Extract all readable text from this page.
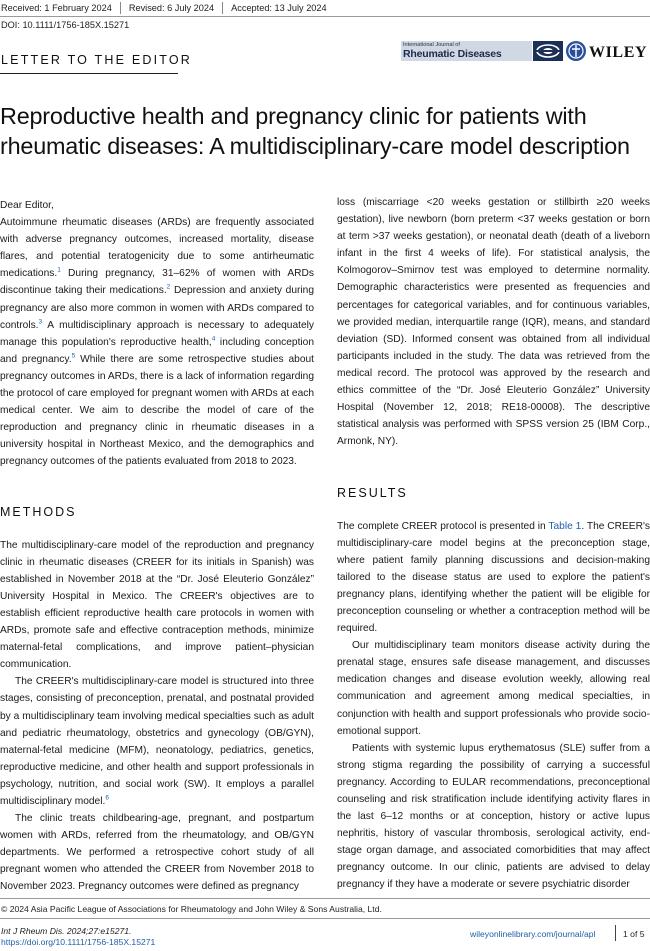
Received: 1 February 2024	Revised: 6 July 2024	Accepted: 13 July 2024
DOI: 10.1111/1756-185X.15271
LETTER TO THE EDITOR
International Journal of
Rheumatic Diseases	WILEY
Reproductive health and pregnancy clinic for patients with rheumatic diseases: A multidisciplinary-care model description

Dear Editor,

Autoimmune rheumatic diseases (ARDs) are frequently associated with adverse pregnancy outcomes, increased mortality, disease flares, and potential teratogenicity due to some antirheumatic medications.$^1$ During pregnancy, 31–62% of women with ARDs discontinue taking their medications.$^2$ Depression and anxiety during pregnancy are also more common in women with ARDs compared to controls.$^3$ A multidisciplinary approach is necessary to adequately manage this population's reproductive health,$^4$ including conception and pregnancy.$^5$ While there are some retrospective studies about pregnancy outcomes in ARDs, there is a lack of information regarding the protocol of care employed for pregnant women with ARDs at each medical center. We aim to describe the model of care of the reproduction and pregnancy clinic in rheumatic diseases in a university hospital in Northeast Mexico, and the demographics and pregnancy outcomes of the patients evaluated from 2018 to 2023.

METHODS

The multidisciplinary-care model of the reproduction and pregnancy clinic in rheumatic diseases (CREER for its initials in Spanish) was established in November 2018 at the “Dr. José Eleuterio González” University Hospital in Mexico. The CREER's objectives are to establish efficient reproductive health care protocols in women with ARDs, promote safe and effective contraception methods, minimize maternal-fetal complications, and improve patient–physician communication.

The CREER's multidisciplinary-care model is structured into three stages, consisting of preconception, prenatal, and postnatal provided by a multidisciplinary team involving medical specialties such as adult and pediatric rheumatology, obstetrics and gynecology (OB/GYN), maternal-fetal medicine (MFM), neonatology, pediatrics, genetics, reproductive medicine, and other health and support professionals in psychology, nutrition, and social work (SW). It employs a parallel multidisciplinary model.$^6$

The clinic treats childbearing-age, pregnant, and postpartum women with ARDs, referred from the rheumatology, and OB/GYN departments. We performed a retrospective cohort study of all pregnant women who attended the CREER from November 2018 to November 2023. Pregnancy outcomes were defined as pregnancy

loss (miscarriage <20 weeks gestation or stillbirth ≥20 weeks gestation), live newborn (born preterm <37 weeks gestation or born at term >37 weeks gestation), or neonatal death (death of a liveborn infant in the first 4 weeks of life). For statistical analysis, the Kolmogorov–Smirnov test was employed to determine normality. Demographic characteristics were presented as frequencies and percentages for categorical variables, and for continuous variables, we provided median, interquartile range (IQR), means, and standard deviation (SD). Informed consent was obtained from all individual participants included in the study. The data was retrieved from the medical record. The protocol was approved by the research and ethics committee of the “Dr. José Eleuterio González” University Hospital (November 12, 2018; RE18-00008). The descriptive statistical analysis was performed with SPSS version 25 (IBM Corp., Armonk, NY).

RESULTS

The complete CREER protocol is presented in Table 1. The CREER's multidisciplinary-care model begins at the preconception stage, where patient family planning discussions and decision-making tailored to the disease status are used to explore the patient's pregnancy plans, identifying whether the patient will be eligible for preconception counseling or whether a contraception method will be required.

Our multidisciplinary team monitors disease activity during the prenatal stage, ensures safe disease management, and discusses medication changes and disease evolution weekly, allowing real communication and agreement among medical specialties, in conjunction with health and support professionals who provide socio-emotional support.

Patients with systemic lupus erythematosus (SLE) suffer from a strong stigma regarding the possibility of carrying a successful pregnancy. According to EULAR recommendations, preconceptional counseling and risk stratification include identifying activity flares in the last 6–12 months or at conception, history or active lupus nephritis, history of vascular thrombosis, serological activity, end-stage organ damage, and associated comorbidities that may affect pregnancy outcome. In our clinic, patients are advised to delay pregnancy if they have a moderate or severe psychiatric disorder

© 2024 Asia Pacific League of Associations for Rheumatology and John Wiley & Sons Australia, Ltd.
Int J Rheum Dis. 2024;27:e15271.
https://doi.org/10.1111/1756-185X.15271
wileyonlinelibrary.com/journal/apl	1 of 5
